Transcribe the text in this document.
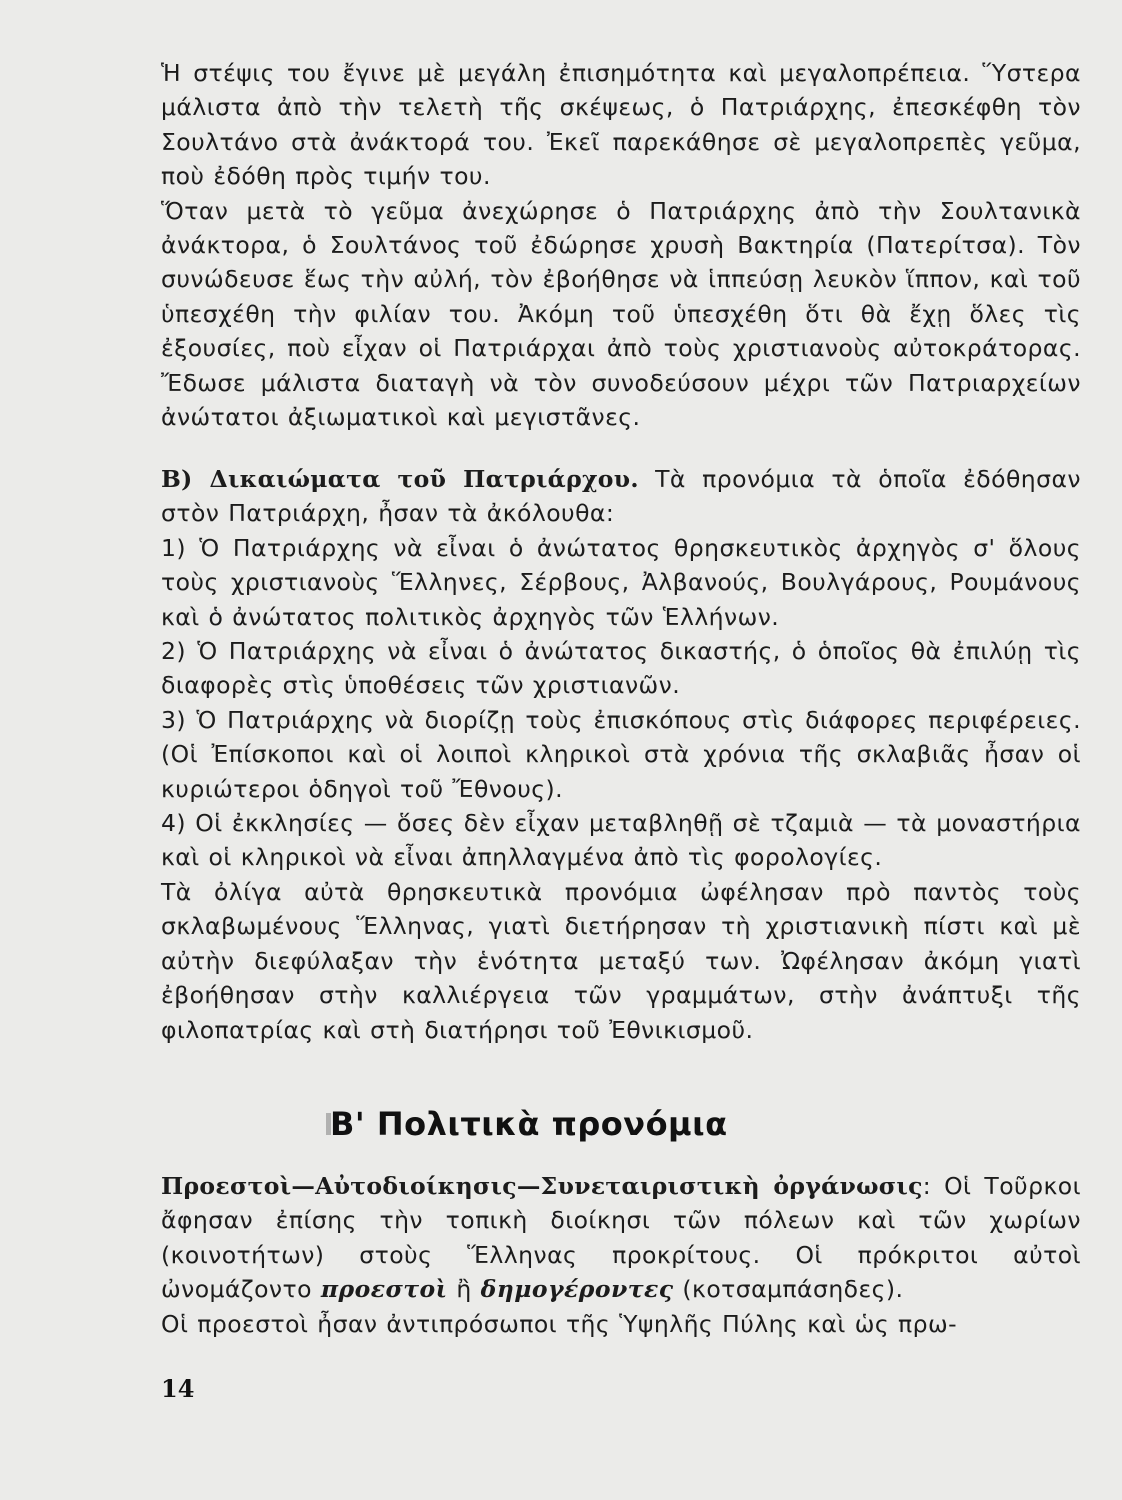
Ἡ στέψις του ἔγινε μὲ μεγάλη ἐπισημότητα καὶ μεγαλοπρέπεια. Ὕστερα μάλιστα ἀπὸ τὴν τελετὴ τῆς σκέψεως, ὁ Πατριάρχης, ἐπεσκέφθη τὸν Σουλτάνο στὰ ἀνάκτορά του. Ἐκεῖ παρεκάθησε σὲ μεγαλοπρεπὲς γεῦμα, ποὺ ἐδόθη πρὸς τιμήν του.

Ὅταν μετὰ τὸ γεῦμα ἀνεχώρησε ὁ Πατριάρχης ἀπὸ τὴν Σουλτανικὰ ἀνάκτορα, ὁ Σουλτάνος τοῦ ἐδώρησε χρυσὴ Βακτηρία (Πατερίτσα). Τὸν συνώδευσε ἕως τὴν αὐλή, τὸν ἐβοήθησε νὰ ἱππεύσῃ λευκὸν ἵππον, καὶ τοῦ ὑπεσχέθη τὴν φιλίαν του. Ἀκόμη τοῦ ὑπεσχέθη ὅτι θὰ ἔχῃ ὅλες τὶς ἐξουσίες, ποὺ εἶχαν οἱ Πατριάρχαι ἀπὸ τοὺς χριστιανοὺς αὐτοκράτορας. Ἔδωσε μάλιστα διαταγὴ νὰ τὸν συνοδεύσουν μέχρι τῶν Πατριαρχείων ἀνώτατοι ἀξιωματικοὶ καὶ μεγιστᾶνες.

Β) Δικαιώματα τοῦ Πατριάρχου. Τὰ προνόμια τὰ ὁποῖα ἐδόθησαν στὸν Πατριάρχη, ἦσαν τὰ ἀκόλουθα:

1) Ὁ Πατριάρχης νὰ εἶναι ὁ ἀνώτατος θρησκευτικὸς ἀρχηγὸς σ' ὅλους τοὺς χριστιανοὺς Ἕλληνες, Σέρβους, Ἀλβανούς, Βουλγάρους, Ρουμάνους καὶ ὁ ἀνώτατος πολιτικὸς ἀρχηγὸς τῶν Ἑλλήνων.

2) Ὁ Πατριάρχης νὰ εἶναι ὁ ἀνώτατος δικαστής, ὁ ὁποῖος θὰ ἐπιλύῃ τὶς διαφορὲς στὶς ὑποθέσεις τῶν χριστιανῶν.

3) Ὁ Πατριάρχης νὰ διορίζῃ τοὺς ἐπισκόπους στὶς διάφορες περιφέρειες. (Οἱ Ἐπίσκοποι καὶ οἱ λοιποὶ κληρικοὶ στὰ χρόνια τῆς σκλαβιᾶς ἦσαν οἱ κυριώτεροι ὁδηγοὶ τοῦ Ἔθνους).

4) Οἱ ἐκκλησίες — ὅσες δὲν εἶχαν μεταβληθῇ σὲ τζαμιὰ — τὰ μοναστήρια καὶ οἱ κληρικοὶ νὰ εἶναι ἀπηλλαγμένα ἀπὸ τὶς φορολογίες.

Τὰ ὀλίγα αὐτὰ θρησκευτικὰ προνόμια ὠφέλησαν πρὸ παντὸς τοὺς σκλαβωμένους Ἕλληνας, γιατὶ διετήρησαν τὴ χριστιανικὴ πίστι καὶ μὲ αὐτὴν διεφύλαξαν τὴν ἑνότητα μεταξύ των. Ὠφέλησαν ἀκόμη γιατὶ ἐβοήθησαν στὴν καλλιέργεια τῶν γραμμάτων, στὴν ἀνάπτυξι τῆς φιλοπατρίας καὶ στὴ διατήρησι τοῦ Ἐθνικισμοῦ.

Β' Πολιτικὰ προνόμια

Προεστοὶ—Αὐτοδιοίκησις—Συνεταιριστικὴ ὀργάνωσις: Οἱ Τοῦρκοι ἄφησαν ἐπίσης τὴν τοπικὴ διοίκησι τῶν πόλεων καὶ τῶν χωρίων (κοινοτήτων) στοὺς Ἕλληνας προκρίτους. Οἱ πρόκριτοι αὐτοὶ ὠνομάζοντο προεστοὶ ἢ δημογέροντες (κοτσαμπάσηδες).

Οἱ προεστοὶ ἦσαν ἀντιπρόσωποι τῆς Ὑψηλῆς Πύλης καὶ ὡς πρω-

14
